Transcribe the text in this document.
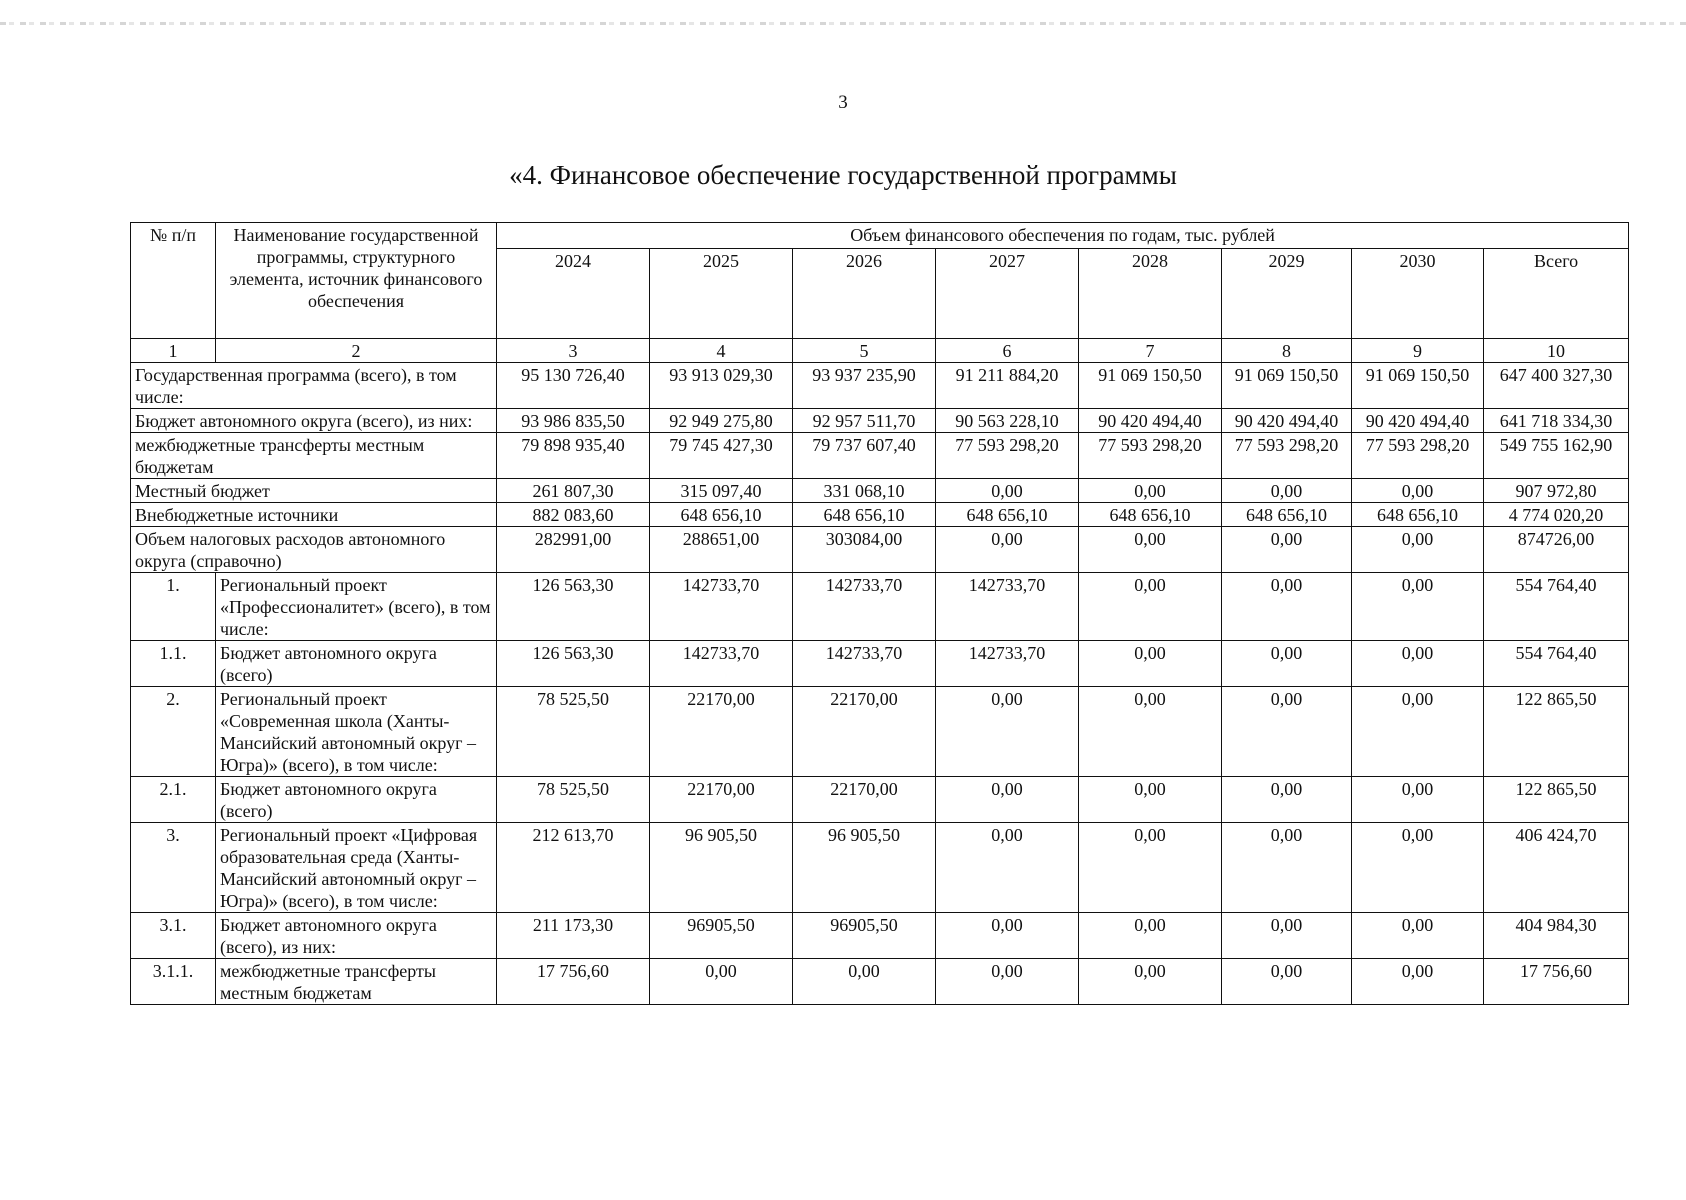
3
«4. Финансовое обеспечение государственной программы
№ п/п	Наименование государственной программы, структурного элемента, источник финансового обеспечения	Объем финансового обеспечения по годам, тыс. рублей							
		2024	2025	2026	2027	2028	2029	2030	Всего
1	2	3	4	5	6	7	8	9	10
Государственная программа (всего), в том числе:		95 130 726,40	93 913 029,30	93 937 235,90	91 211 884,20	91 069 150,50	91 069 150,50	91 069 150,50	647 400 327,30
Бюджет автономного округа (всего), из них:		93 986 835,50	92 949 275,80	92 957 511,70	90 563 228,10	90 420 494,40	90 420 494,40	90 420 494,40	641 718 334,30
межбюджетные трансферты местным бюджетам		79 898 935,40	79 745 427,30	79 737 607,40	77 593 298,20	77 593 298,20	77 593 298,20	77 593 298,20	549 755 162,90
Местный бюджет		261 807,30	315 097,40	331 068,10	0,00	0,00	0,00	0,00	907 972,80
Внебюджетные источники		882 083,60	648 656,10	648 656,10	648 656,10	648 656,10	648 656,10	648 656,10	4 774 020,20
Объем налоговых расходов автономного округа (справочно)		282991,00	288651,00	303084,00	0,00	0,00	0,00	0,00	874726,00
1.	Региональный проект «Профессионалитет» (всего), в том числе:	126 563,30	142733,70	142733,70	142733,70	0,00	0,00	0,00	554 764,40
1.1.	Бюджет автономного округа (всего)	126 563,30	142733,70	142733,70	142733,70	0,00	0,00	0,00	554 764,40
2.	Региональный проект «Современная школа (Ханты-Мансийский автономный округ – Югра)» (всего), в том числе:	78 525,50	22170,00	22170,00	0,00	0,00	0,00	0,00	122 865,50
2.1.	Бюджет автономного округа (всего)	78 525,50	22170,00	22170,00	0,00	0,00	0,00	0,00	122 865,50
3.	Региональный проект «Цифровая образовательная среда (Ханты-Мансийский автономный округ – Югра)» (всего), в том числе:	212 613,70	96 905,50	96 905,50	0,00	0,00	0,00	0,00	406 424,70
3.1.	Бюджет автономного округа (всего), из них:	211 173,30	96905,50	96905,50	0,00	0,00	0,00	0,00	404 984,30
3.1.1.	межбюджетные трансферты местным бюджетам	17 756,60	0,00	0,00	0,00	0,00	0,00	0,00	17 756,60
